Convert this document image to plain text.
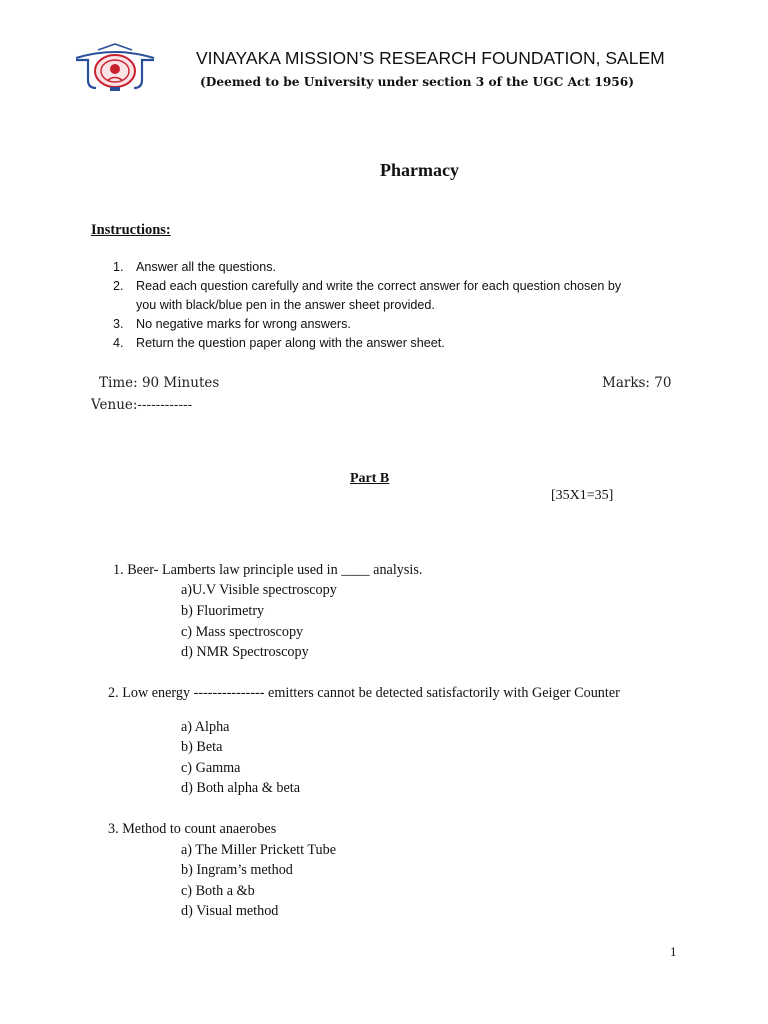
VINAYAKA MISSION’S RESEARCH FOUNDATION, SALEM
(Deemed to be University under section 3 of the UGC Act 1956)
Pharmacy
Instructions:
1. Answer all the questions.
2. Read each question carefully and write the correct answer for each question chosen by
you with black/blue pen in the answer sheet provided.
3. No negative marks for wrong answers.
4. Return the question paper along with the answer sheet.
Time: 90 Minutes	Marks: 70
Venue:------------
Part B
[35X1=35]
1. Beer- Lamberts law principle used in ____ analysis.
a)U.V Visible spectroscopy
b) Fluorimetry
c) Mass spectroscopy
d) NMR Spectroscopy
2. Low energy --------------- emitters cannot be detected satisfactorily with Geiger Counter
a) Alpha
b) Beta
c) Gamma
d) Both alpha & beta
3. Method to count anaerobes
a) The Miller Prickett Tube
b) Ingram’s method
c) Both a &b
d) Visual method
1
